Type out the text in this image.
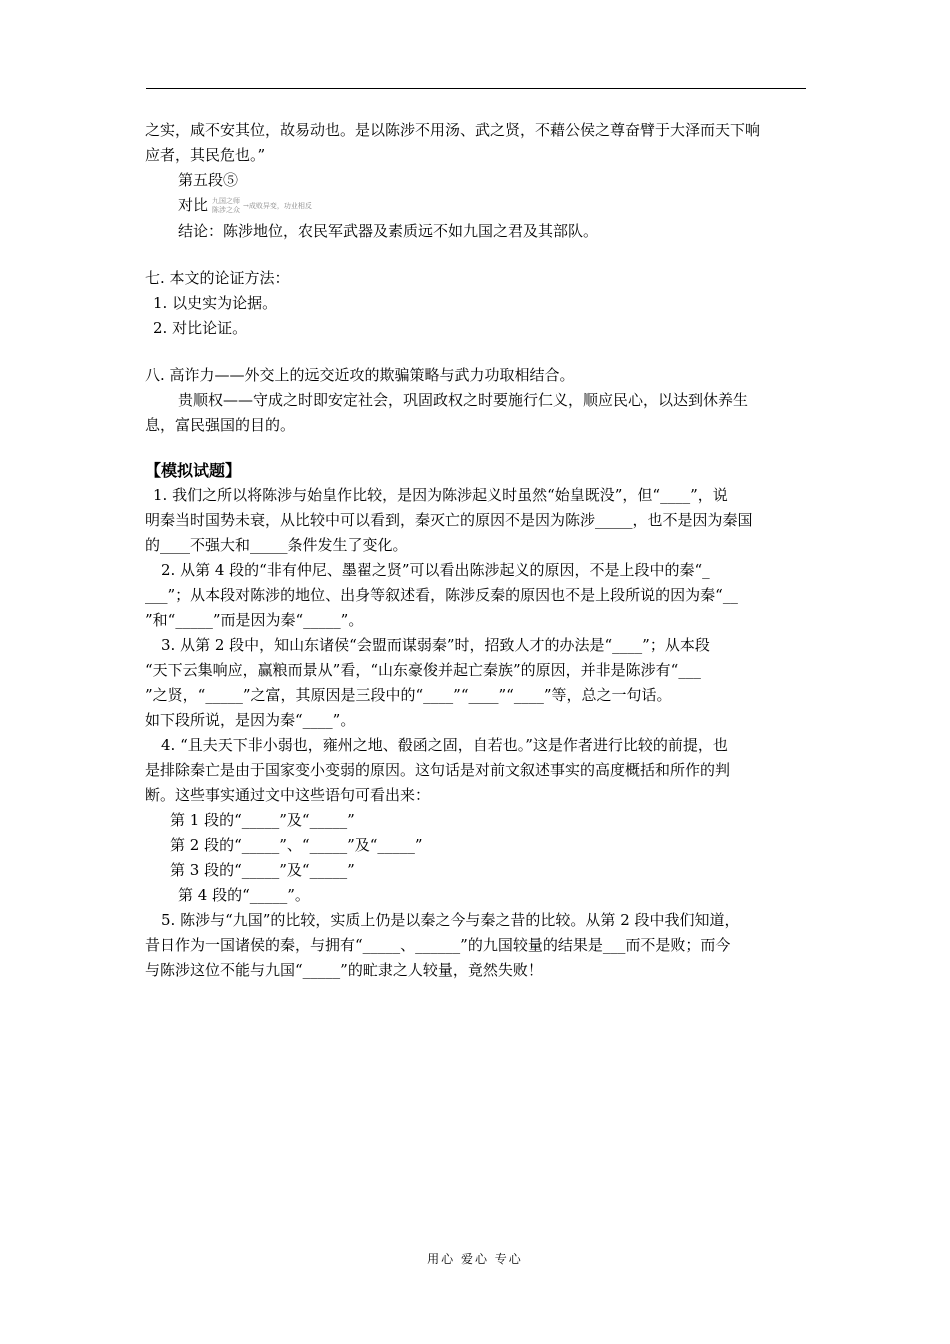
之实，咸不安其位，故易动也。是以陈涉不用汤、武之贤，不藉公侯之尊奋臂于大泽而天下响

应者，其民危也。”

第五段⑤

对比 九国之师
陈涉之众
→成败异变，功业相反

结论：陈涉地位，农民军武器及素质远不如九国之君及其部队。

七. 本文的论证方法：

1. 以史实为论据。

2. 对比论证。

八. 高诈力——外交上的远交近攻的欺骗策略与武力功取相结合。

贵顺权——守成之时即安定社会，巩固政权之时要施行仁义，顺应民心，以达到休养生

息，富民强国的目的。

【模拟试题】

1. 我们之所以将陈涉与始皇作比较，是因为陈涉起义时虽然“始皇既没”，但“____”，说

明秦当时国势未衰，从比较中可以看到，秦灭亡的原因不是因为陈涉_____，也不是因为秦国

的____不强大和_____条件发生了变化。

2. 从第 4 段的“非有仲尼、墨翟之贤”可以看出陈涉起义的原因，不是上段中的秦“_

___”；从本段对陈涉的地位、出身等叙述看，陈涉反秦的原因也不是上段所说的因为秦“__

”和“_____”而是因为秦“_____”。

3. 从第 2 段中，知山东诸侯“会盟而谋弱秦”时，招致人才的办法是“____”；从本段

“天下云集响应，赢粮而景从”看，“山东豪俊并起亡秦族”的原因，并非是陈涉有“___

”之贤，“_____”之富，其原因是三段中的“____”“____”“____”等，总之一句话。

如下段所说，是因为秦“____”。

4. “且夫天下非小弱也，雍州之地、殽函之固，自若也。”这是作者进行比较的前提，也

是排除秦亡是由于国家变小变弱的原因。这句话是对前文叙述事实的高度概括和所作的判

断。这些事实通过文中这些语句可看出来：

第 1 段的“_____”及“_____”

第 2 段的“_____”、“_____”及“_____”

第 3 段的“_____”及“_____”

第 4 段的“_____”。

5. 陈涉与“九国”的比较，实质上仍是以秦之今与秦之昔的比较。从第 2 段中我们知道，

昔日作为一国诸侯的秦，与拥有“_____、______”的九国较量的结果是___而不是败；而今

与陈涉这位不能与九国“_____”的甿隶之人较量，竟然失败！

用心 爱心 专心
